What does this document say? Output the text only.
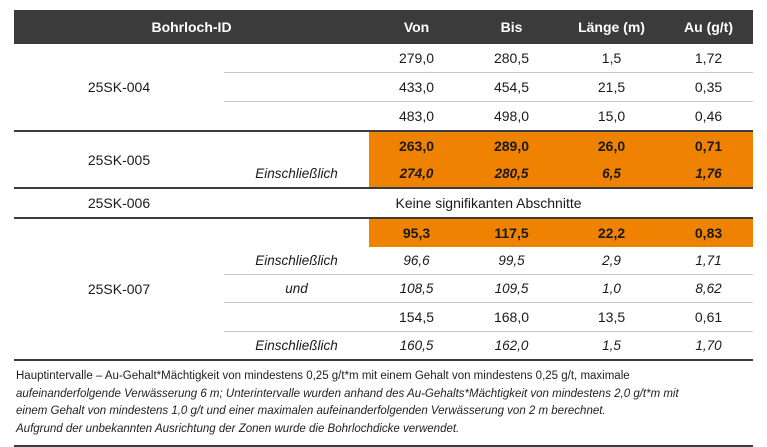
Bohrloch-ID		Von	Bis	Länge (m)	Au (g/t)
25SK-004		279,0	280,5	1,5	1,72
		433,0	454,5	21,5	0,35
		483,0	498,0	15,0	0,46
25SK-005		263,0	289,0	26,0	0,71
	Einschließlich	274,0	280,5	6,5	1,76
25SK-006	Keine signifikanten Abschnitte				
25SK-007		95,3	117,5	22,2	0,83
	Einschließlich	96,6	99,5	2,9	1,71
	und	108,5	109,5	1,0	8,62
		154,5	168,0	13,5	0,61
	Einschließlich	160,5	162,0	1,5	1,70

Hauptintervalle – Au-Gehalt*Mächtigkeit von mindestens 0,25 g/t*m mit einem Gehalt von mindestens 0,25 g/t, maximale

aufeinanderfolgende Verwässerung 6 m; Unterintervalle wurden anhand des Au-Gehalts*Mächtigkeit von mindestens 2,0 g/t*m mit

einem Gehalt von mindestens 1,0 g/t und einer maximalen aufeinanderfolgenden Verwässerung von 2 m berechnet.

Aufgrund der unbekannten Ausrichtung der Zonen wurde die Bohrlochdicke verwendet.
